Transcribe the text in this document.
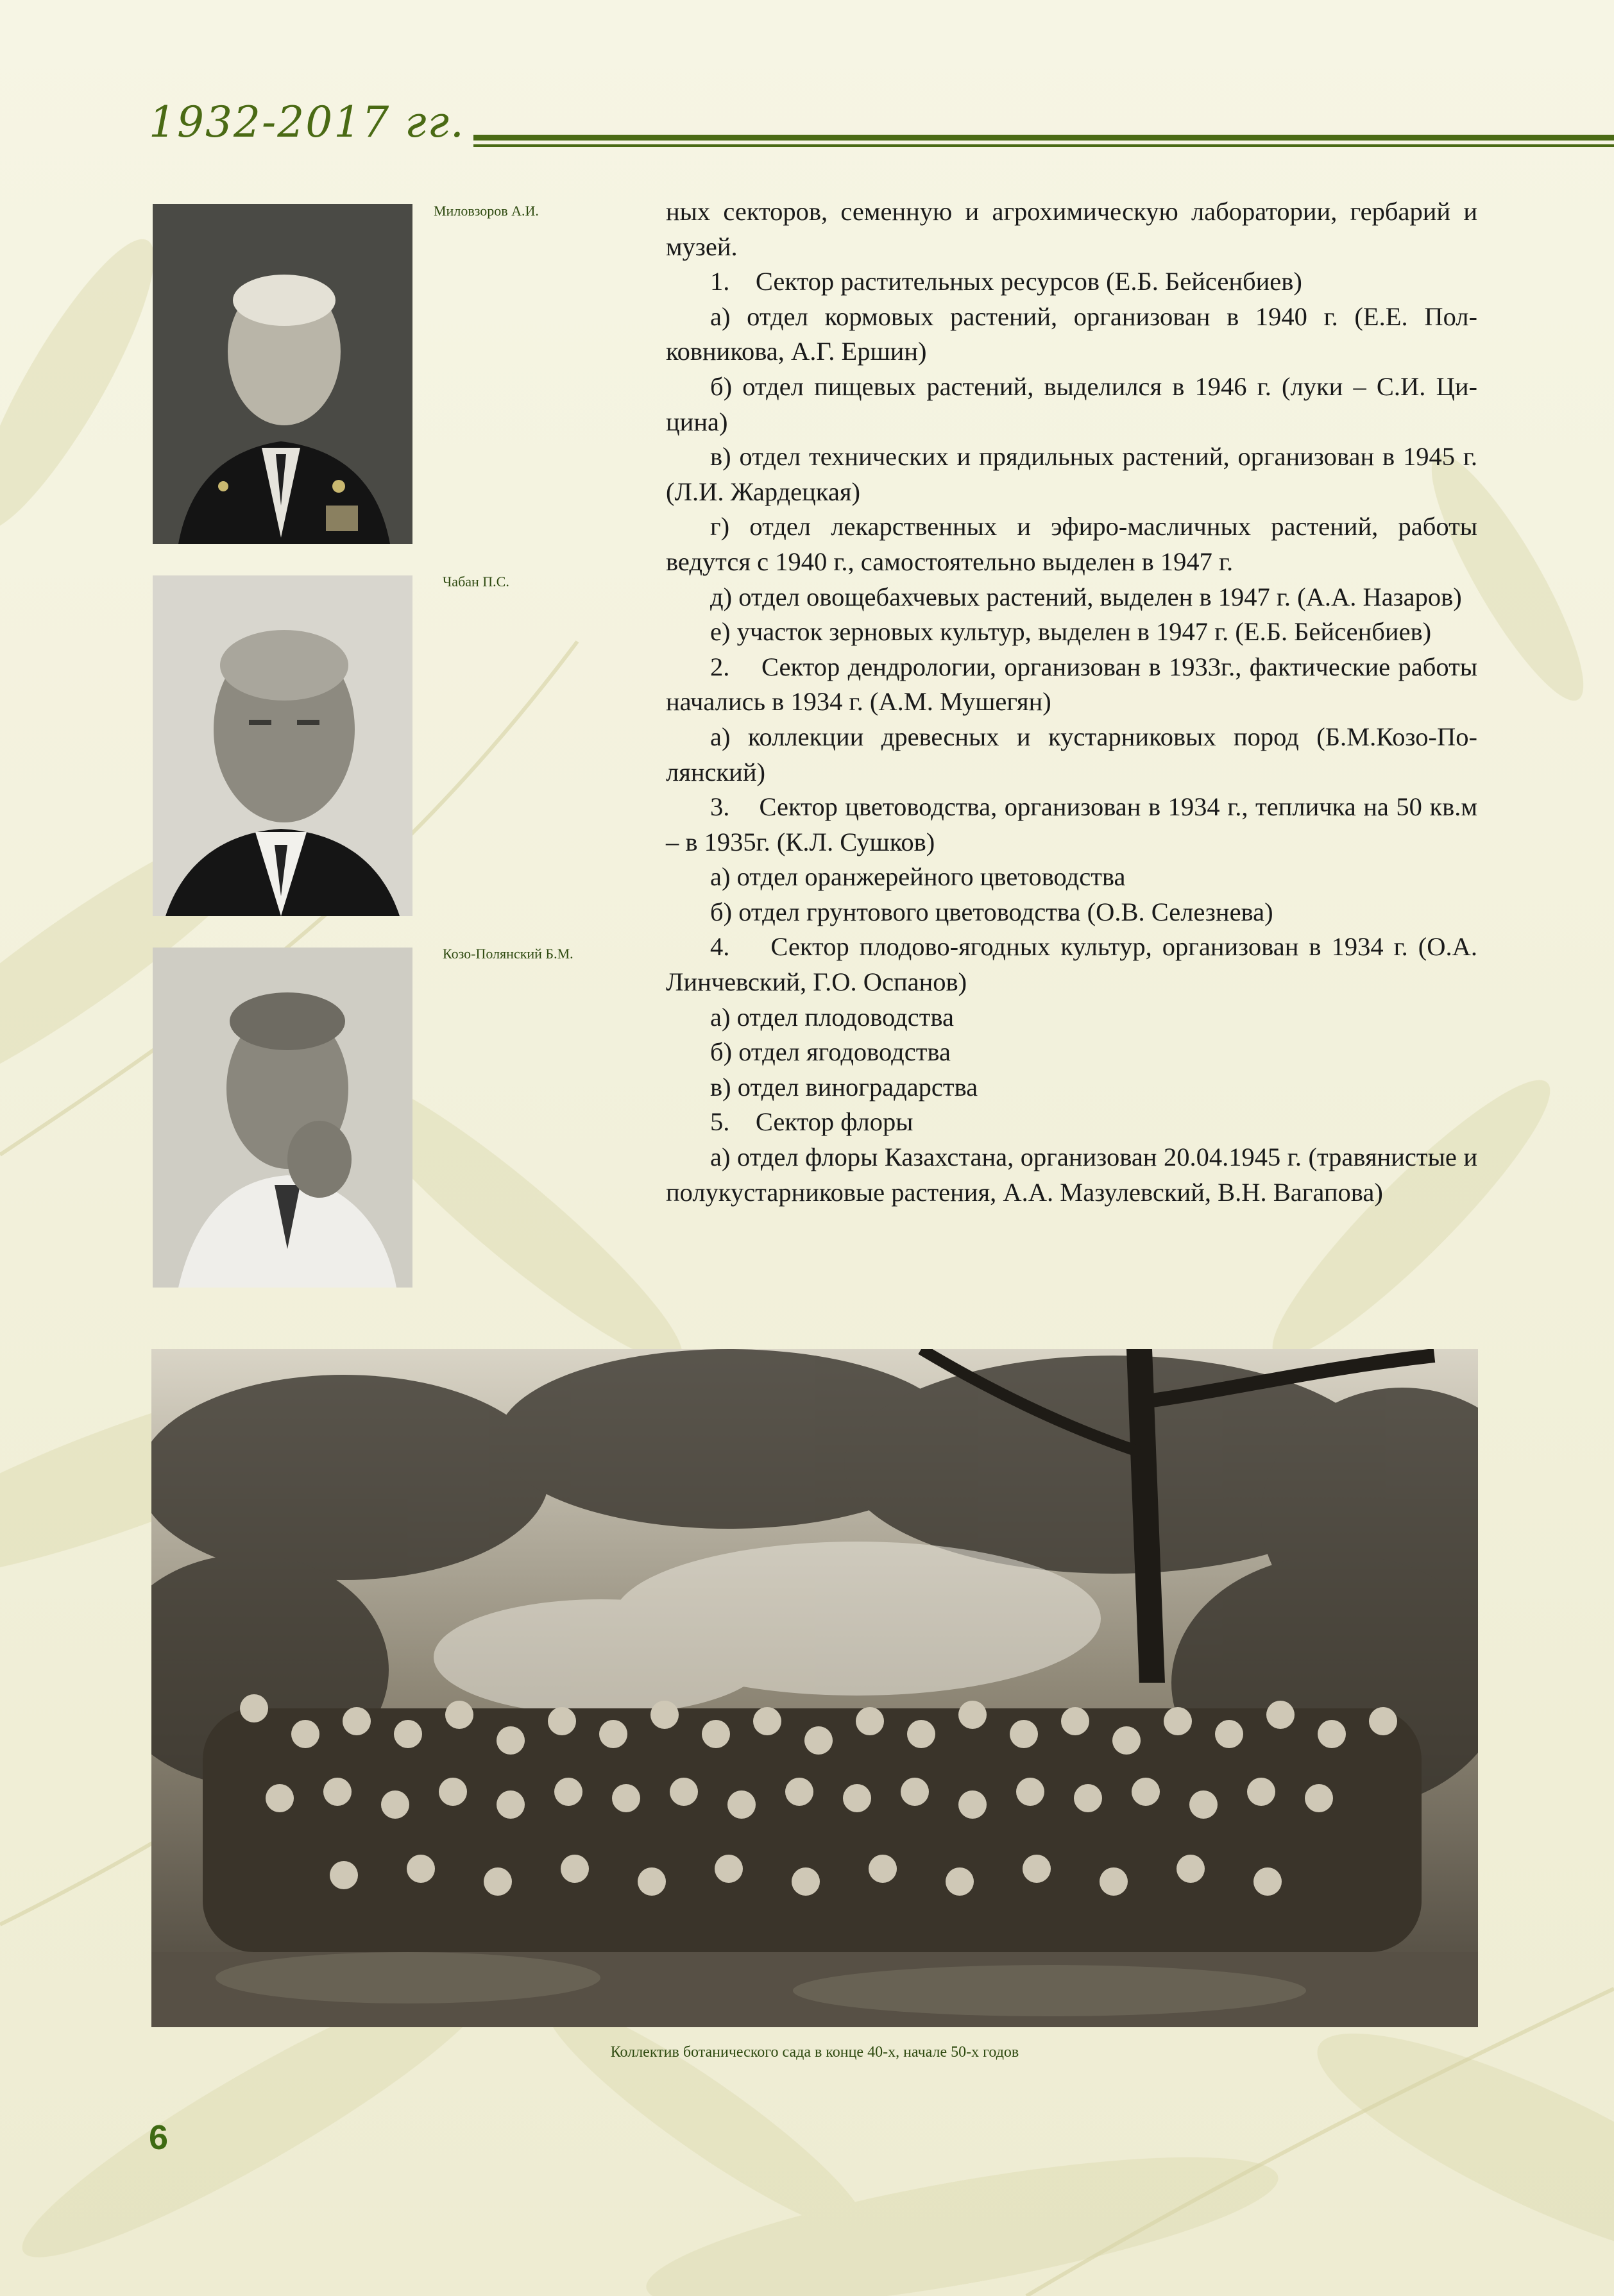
1932-2017 гг.
Миловзоров А.И.
Чабан П.С.
Козо-Полянский Б.М.

ных секторов, семенную и агрохимическую лаборатории, гербарий и музей.

1.    Сектор растительных ресурсов (Е.Б. Бейсенбиев)

а) отдел кормовых растений, организован в 1940 г. (Е.Е. Полковникова, А.Г. Ершин)

б) отдел пищевых растений, выделился в 1946 г. (луки – С.И. Цицина)

в) отдел технических и прядильных растений, организован в 1945 г. (Л.И. Жардецкая)

г) отдел лекарственных и эфиро-масличных растений, работы ведутся с 1940 г., самостоятельно выделен в 1947 г.

д) отдел овощебахчевых растений, выделен в 1947 г. (А.А. Назаров)

е) участок зерновых культур, выделен в 1947 г. (Е.Б. Бейсенбиев)

2.    Сектор дендрологии, организован в 1933г., фактические работы начались в 1934 г. (А.М. Мушегян)

а) коллекции древесных и кустарниковых пород (Б.М.Козо-Полянский)

3.    Сектор цветоводства, организован в 1934 г., тепличка на 50 кв.м – в 1935г. (К.Л. Сушков)

а) отдел оранжерейного цветоводства

б) отдел грунтового цветоводства (О.В. Селезнева)

4.    Сектор плодово-ягодных культур, организован в 1934 г. (О.А. Линчевский, Г.О. Оспанов)

а) отдел плодоводства

б) отдел ягодоводства

в) отдел виноградарства

5.    Сектор флоры

а) отдел флоры Казахстана, организован 20.04.1945 г. (травянистые и полукустарниковые растения, А.А. Мазулевский, В.Н. Вагапова)

Коллектив ботанического сада в конце 40-х, начале 50-х годов
6
